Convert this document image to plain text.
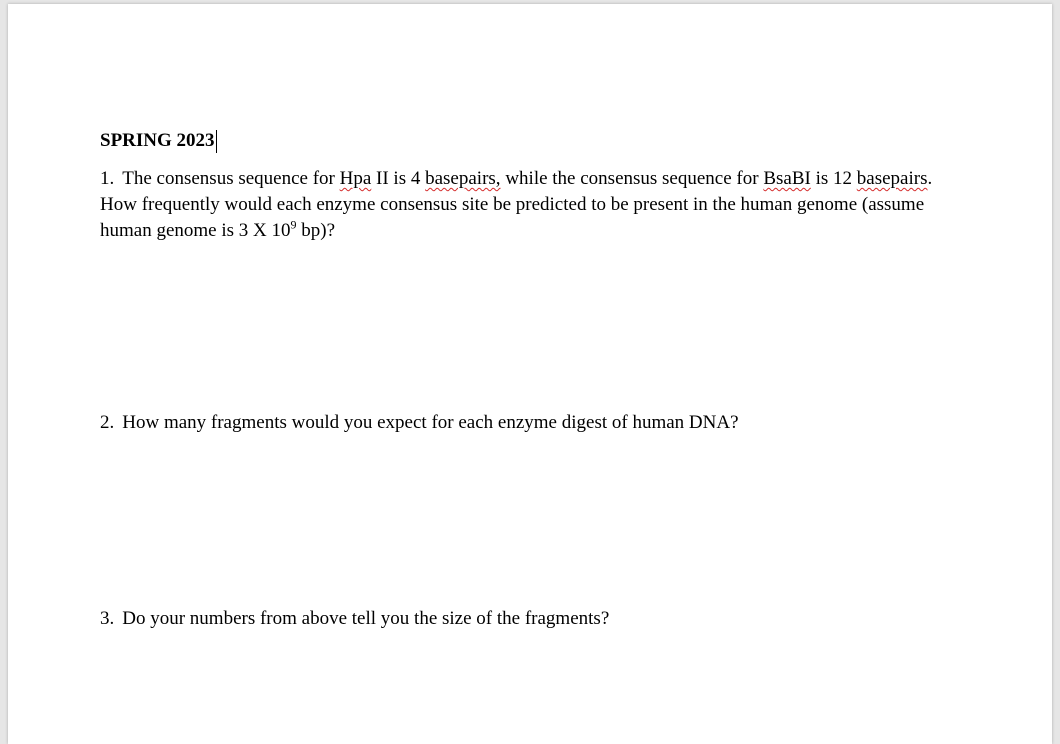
SPRING 2023

1. The consensus sequence for Hpa II is 4 basepairs, while the consensus sequence for BsaBI is 12 basepairs. How frequently would each enzyme consensus site be predicted to be present in the human genome (assume human genome is 3 X $10^9$ bp)?

2. How many fragments would you expect for each enzyme digest of human DNA?

3. Do your numbers from above tell you the size of the fragments?
